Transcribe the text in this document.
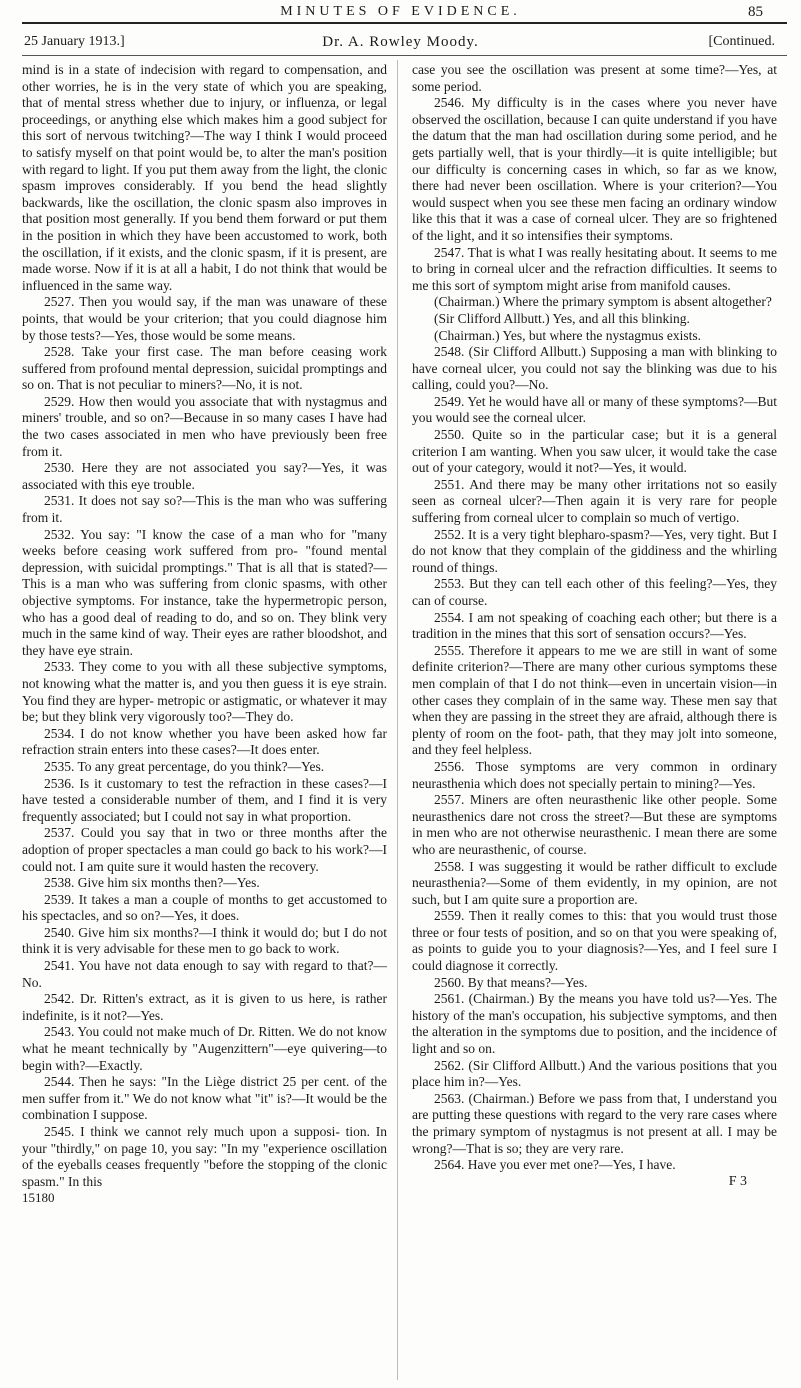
MINUTES OF EVIDENCE.	85
25 January 1913.]	Dr. A. Rowley Moody.	[Continued.

mind is in a state of indecision with regard to compensation, and other worries, he is in the very state of which you are speaking, that of mental stress whether due to injury, or influenza, or legal proceedings, or anything else which makes him a good subject for this sort of nervous twitching?—The way I think I would proceed to satisfy myself on that point would be, to alter the man's position with regard to light. If you put them away from the light, the clonic spasm improves considerably. If you bend the head slightly backwards, like the oscillation, the clonic spasm also improves in that position most generally. If you bend them forward or put them in the position in which they have been accustomed to work, both the oscillation, if it exists, and the clonic spasm, if it is present, are made worse. Now if it is at all a habit, I do not think that would be influenced in the same way.

2527. Then you would say, if the man was unaware of these points, that would be your criterion; that you could diagnose him by those tests?—Yes, those would be some means.

2528. Take your first case. The man before ceasing work suffered from profound mental depression, suicidal promptings and so on. That is not peculiar to miners?—No, it is not.

2529. How then would you associate that with nystagmus and miners' trouble, and so on?—Because in so many cases I have had the two cases associated in men who have previously been free from it.

2530. Here they are not associated you say?—Yes, it was associated with this eye trouble.

2531. It does not say so?—This is the man who was suffering from it.

2532. You say: "I know the case of a man who for "many weeks before ceasing work suffered from pro- "found mental depression, with suicidal promptings." That is all that is stated?—This is a man who was suffering from clonic spasms, with other objective symptoms. For instance, take the hypermetropic person, who has a good deal of reading to do, and so on. They blink very much in the same kind of way. Their eyes are rather bloodshot, and they have eye strain.

2533. They come to you with all these subjective symptoms, not knowing what the matter is, and you then guess it is eye strain. You find they are hyper- metropic or astigmatic, or whatever it may be; but they blink very vigorously too?—They do.

2534. I do not know whether you have been asked how far refraction strain enters into these cases?—It does enter.

2535. To any great percentage, do you think?—Yes.

2536. Is it customary to test the refraction in these cases?—I have tested a considerable number of them, and I find it is very frequently associated; but I could not say in what proportion.

2537. Could you say that in two or three months after the adoption of proper spectacles a man could go back to his work?—I could not. I am quite sure it would hasten the recovery.

2538. Give him six months then?—Yes.

2539. It takes a man a couple of months to get accustomed to his spectacles, and so on?—Yes, it does.

2540. Give him six months?—I think it would do; but I do not think it is very advisable for these men to go back to work.

2541. You have not data enough to say with regard to that?—No.

2542. Dr. Ritten's extract, as it is given to us here, is rather indefinite, is it not?—Yes.

2543. You could not make much of Dr. Ritten. We do not know what he meant technically by "Augenzittern"—eye quivering—to begin with?—Exactly.

2544. Then he says: "In the Liège district 25 per cent. of the men suffer from it." We do not know what "it" is?—It would be the combination I suppose.

2545. I think we cannot rely much upon a supposi- tion. In your "thirdly," on page 10, you say: "In my "experience oscillation of the eyeballs ceases frequently "before the stopping of the clonic spasm." In this

15180

case you see the oscillation was present at some time?—Yes, at some period.

2546. My difficulty is in the cases where you never have observed the oscillation, because I can quite understand if you have the datum that the man had oscillation during some period, and he gets partially well, that is your thirdly—it is quite intelligible; but our difficulty is concerning cases in which, so far as we know, there had never been oscillation. Where is your criterion?—You would suspect when you see these men facing an ordinary window like this that it was a case of corneal ulcer. They are so frightened of the light, and it so intensifies their symptoms.

2547. That is what I was really hesitating about. It seems to me to bring in corneal ulcer and the refraction difficulties. It seems to me this sort of symptom might arise from manifold causes.

(Chairman.) Where the primary symptom is absent altogether?

(Sir Clifford Allbutt.) Yes, and all this blinking.

(Chairman.) Yes, but where the nystagmus exists.

2548. (Sir Clifford Allbutt.) Supposing a man with blinking to have corneal ulcer, you could not say the blinking was due to his calling, could you?—No.

2549. Yet he would have all or many of these symptoms?—But you would see the corneal ulcer.

2550. Quite so in the particular case; but it is a general criterion I am wanting. When you saw ulcer, it would take the case out of your category, would it not?—Yes, it would.

2551. And there may be many other irritations not so easily seen as corneal ulcer?—Then again it is very rare for people suffering from corneal ulcer to complain so much of vertigo.

2552. It is a very tight blepharo-spasm?—Yes, very tight. But I do not know that they complain of the giddiness and the whirling round of things.

2553. But they can tell each other of this feeling?—Yes, they can of course.

2554. I am not speaking of coaching each other; but there is a tradition in the mines that this sort of sensation occurs?—Yes.

2555. Therefore it appears to me we are still in want of some definite criterion?—There are many other curious symptoms these men complain of that I do not think—even in uncertain vision—in other cases they complain of in the same way. These men say that when they are passing in the street they are afraid, although there is plenty of room on the foot- path, that they may jolt into someone, and they feel helpless.

2556. Those symptoms are very common in ordinary neurasthenia which does not specially pertain to mining?—Yes.

2557. Miners are often neurasthenic like other people. Some neurasthenics dare not cross the street?—But these are symptoms in men who are not otherwise neurasthenic. I mean there are some who are neurasthenic, of course.

2558. I was suggesting it would be rather difficult to exclude neurasthenia?—Some of them evidently, in my opinion, are not such, but I am quite sure a proportion are.

2559. Then it really comes to this: that you would trust those three or four tests of position, and so on that you were speaking of, as points to guide you to your diagnosis?—Yes, and I feel sure I could diagnose it correctly.

2560. By that means?—Yes.

2561. (Chairman.) By the means you have told us?—Yes. The history of the man's occupation, his subjective symptoms, and then the alteration in the symptoms due to position, and the incidence of light and so on.

2562. (Sir Clifford Allbutt.) And the various positions that you place him in?—Yes.

2563. (Chairman.) Before we pass from that, I understand you are putting these questions with regard to the very rare cases where the primary symptom of nystagmus is not present at all. I may be wrong?—That is so; they are very rare.

2564. Have you ever met one?—Yes, I have.

F 3
